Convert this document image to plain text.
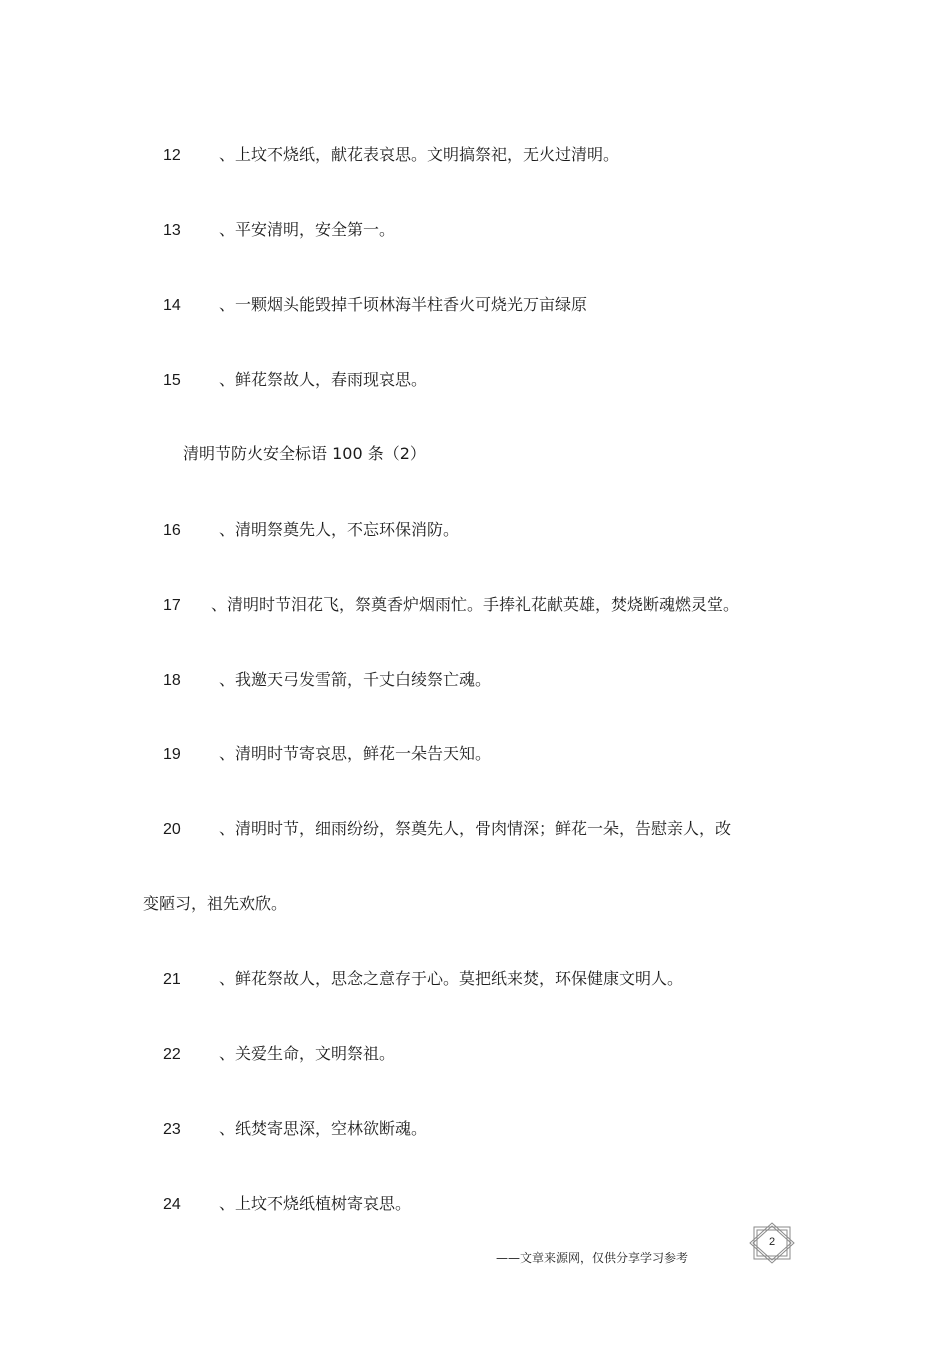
12 、上坟不烧纸，献花表哀思。文明搞祭祀，无火过清明。
13 、平安清明，安全第一。
14 、一颗烟头能毁掉千顷林海半柱香火可烧光万亩绿原
15 、鲜花祭故人，春雨现哀思。
清明节防火安全标语 100 条（2）
16 、清明祭奠先人，不忘环保消防。
17 、清明时节泪花飞，祭奠香炉烟雨忙。手捧礼花献英雄，焚烧断魂燃灵堂。
18 、我邀天弓发雪箭，千丈白绫祭亡魂。
19 、清明时节寄哀思，鲜花一朵告天知。
20 、清明时节，细雨纷纷，祭奠先人，骨肉情深；鲜花一朵，告慰亲人，改
变陋习，祖先欢欣。
21 、鲜花祭故人，思念之意存于心。莫把纸来焚，环保健康文明人。
22 、关爱生命，文明祭祖。
23 、纸焚寄思深，空林欲断魂。
24 、上坟不烧纸植树寄哀思。
2
——文章来源网，仅供分享学习参考
